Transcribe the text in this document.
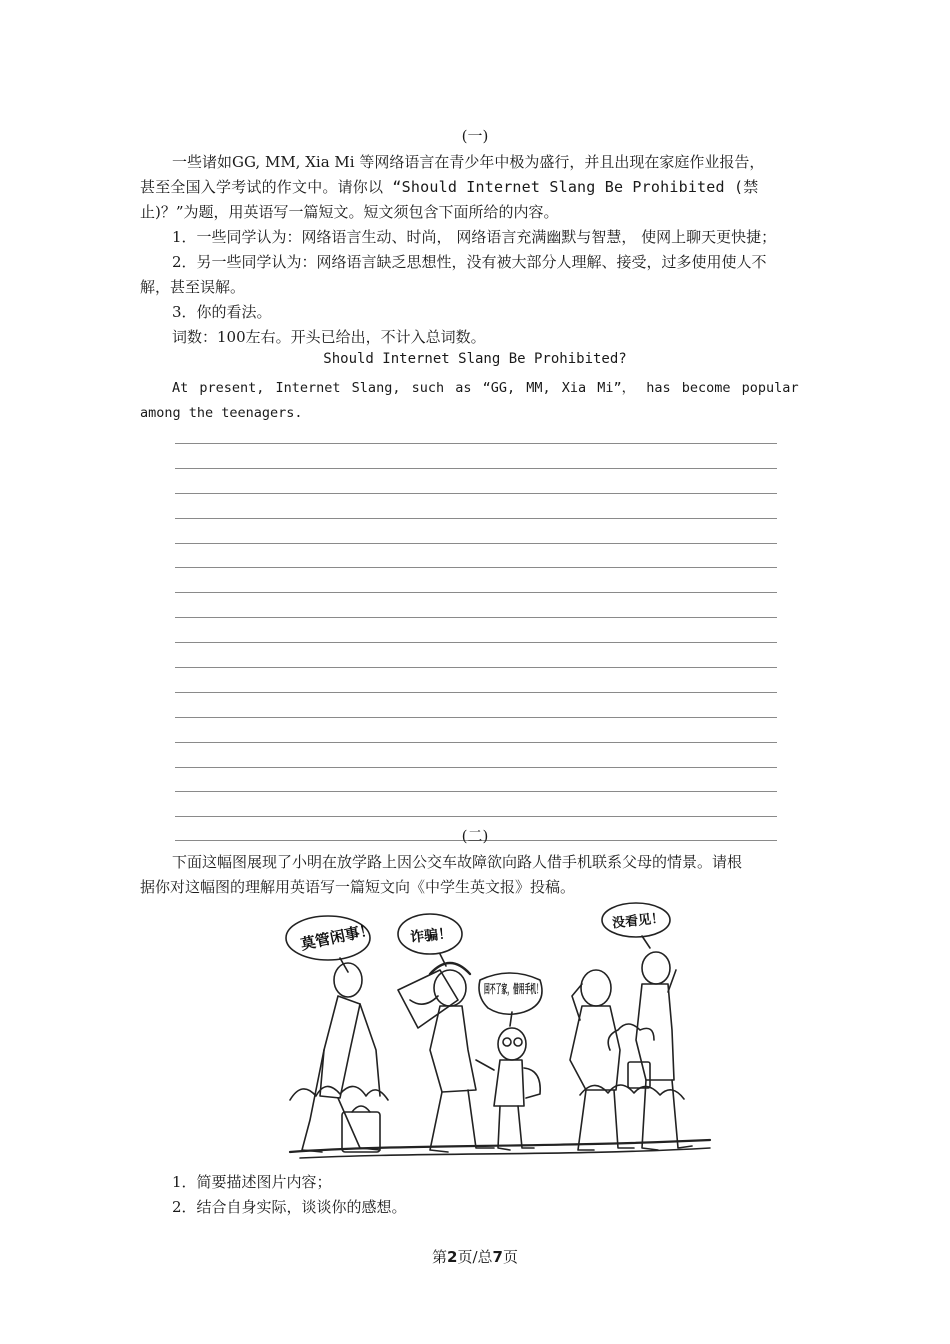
(一)
一些诸如GG, MM, Xia Mi 等网络语言在青少年中极为盛行，并且出现在家庭作业报告，
甚至全国入学考试的作文中。请你以 “Should Internet Slang Be Prohibited (禁
止)？”为题，用英语写一篇短文。短文须包含下面所给的内容。
1．一些同学认为：网络语言生动、时尚， 网络语言充满幽默与智慧， 使网上聊天更快捷；
2．另一些同学认为：网络语言缺乏思想性，没有被大部分人理解、接受，过多使用使人不
解，甚至误解。
3．你的看法。
词数：100左右。开头已给出，不计入总词数。
Should Internet Slang Be Prohibited?
At present, Internet Slang, such as “GG, MM, Xia Mi”， has become popular
among the teenagers.
(二)
下面这幅图展现了小明在放学路上因公交车故障欲向路人借手机联系父母的情景。请根
据你对这幅图的理解用英语写一篇短文向《中学生英文报》投稿。
莫管闲事！ 诈骗！
回不了家，借用手机！
没看见！
1．简要描述图片内容；
2．结合自身实际，谈谈你的感想。
第2页/总7页
